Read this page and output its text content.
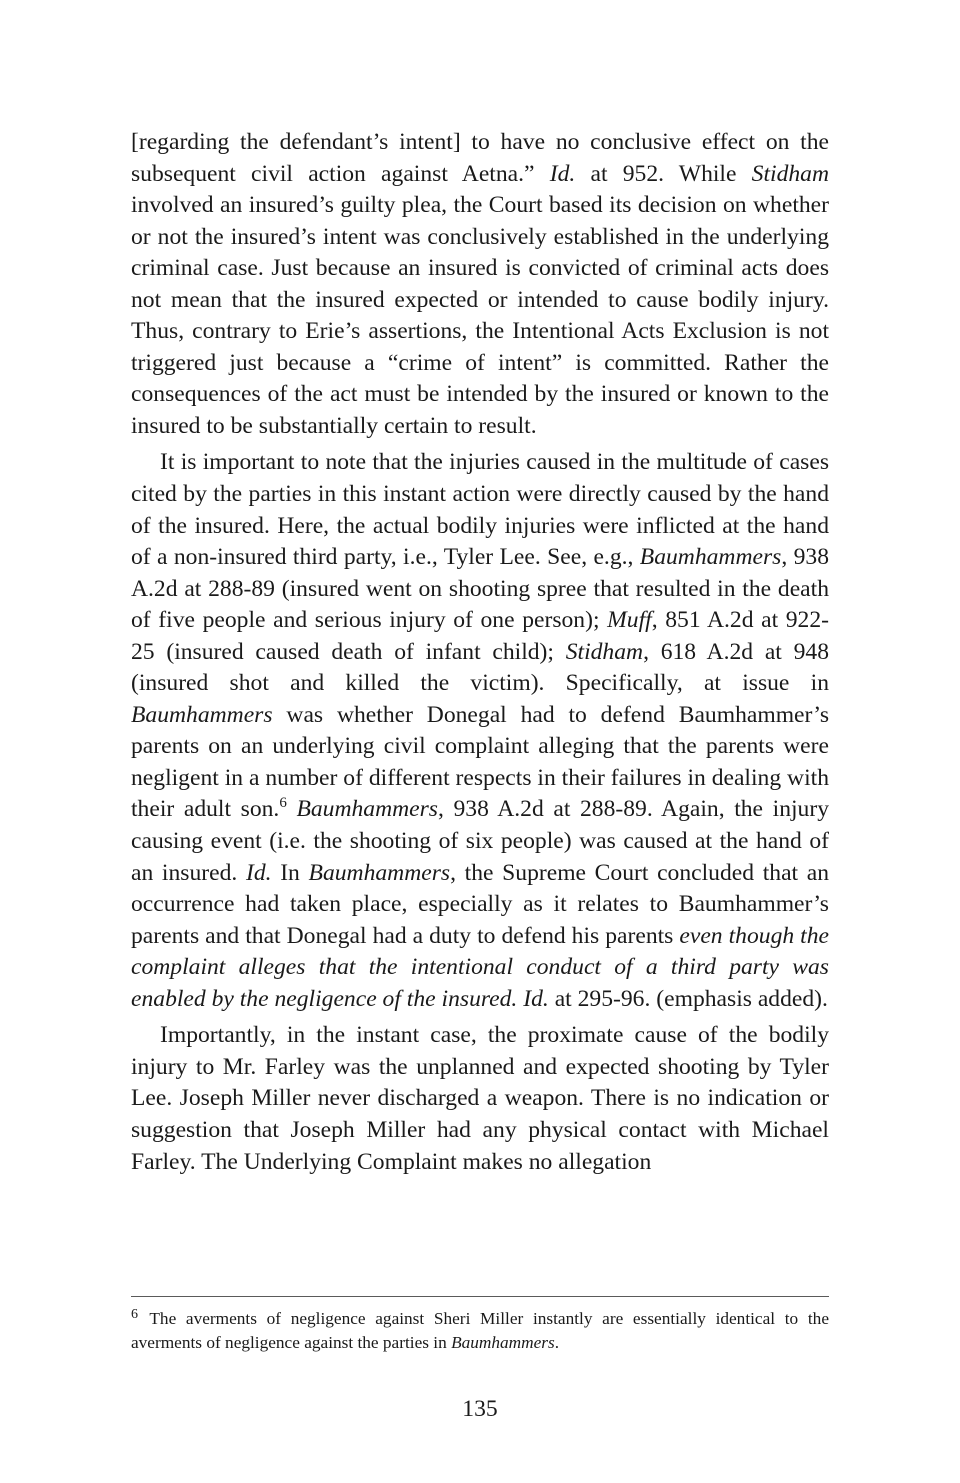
[regarding the defendant’s intent] to have no conclusive effect on the subsequent civil action against Aetna.” Id. at 952. While Stidham involved an insured’s guilty plea, the Court based its decision on whether or not the insured’s intent was conclusively established in the underlying criminal case. Just because an insured is convicted of criminal acts does not mean that the insured expected or intended to cause bodily injury. Thus, contrary to Erie’s assertions, the Intentional Acts Exclusion is not triggered just because a “crime of intent” is committed. Rather the consequences of the act must be intended by the insured or known to the insured to be substantially certain to result.

It is important to note that the injuries caused in the multitude of cases cited by the parties in this instant action were directly caused by the hand of the insured. Here, the actual bodily injuries were inflicted at the hand of a non-insured third party, i.e., Tyler Lee. See, e.g., Baumhammers, 938 A.2d at 288-89 (insured went on shooting spree that resulted in the death of five people and serious injury of one person); Muff, 851 A.2d at 922-25 (insured caused death of infant child); Stidham, 618 A.2d at 948 (insured shot and killed the victim). Specifically, at issue in Baumhammers was whether Donegal had to defend Baumhammer’s parents on an underlying civil complaint alleging that the parents were negligent in a number of different respects in their failures in dealing with their adult son.$^6$ Baumhammers, 938 A.2d at 288-89. Again, the injury causing event (i.e. the shooting of six people) was caused at the hand of an insured. Id. In Baumhammers, the Supreme Court concluded that an occurrence had taken place, especially as it relates to Baumhammer’s parents and that Donegal had a duty to defend his parents even though the complaint alleges that the intentional conduct of a third party was enabled by the negligence of the insured. Id. at 295-96. (emphasis added).

Importantly, in the instant case, the proximate cause of the bodily injury to Mr. Farley was the unplanned and expected shooting by Tyler Lee. Joseph Miller never discharged a weapon. There is no indication or suggestion that Joseph Miller had any physical contact with Michael Farley. The Underlying Complaint makes no allegation

$^6$ The averments of negligence against Sheri Miller instantly are essentially identical to the averments of negligence against the parties in Baumhammers.

135
